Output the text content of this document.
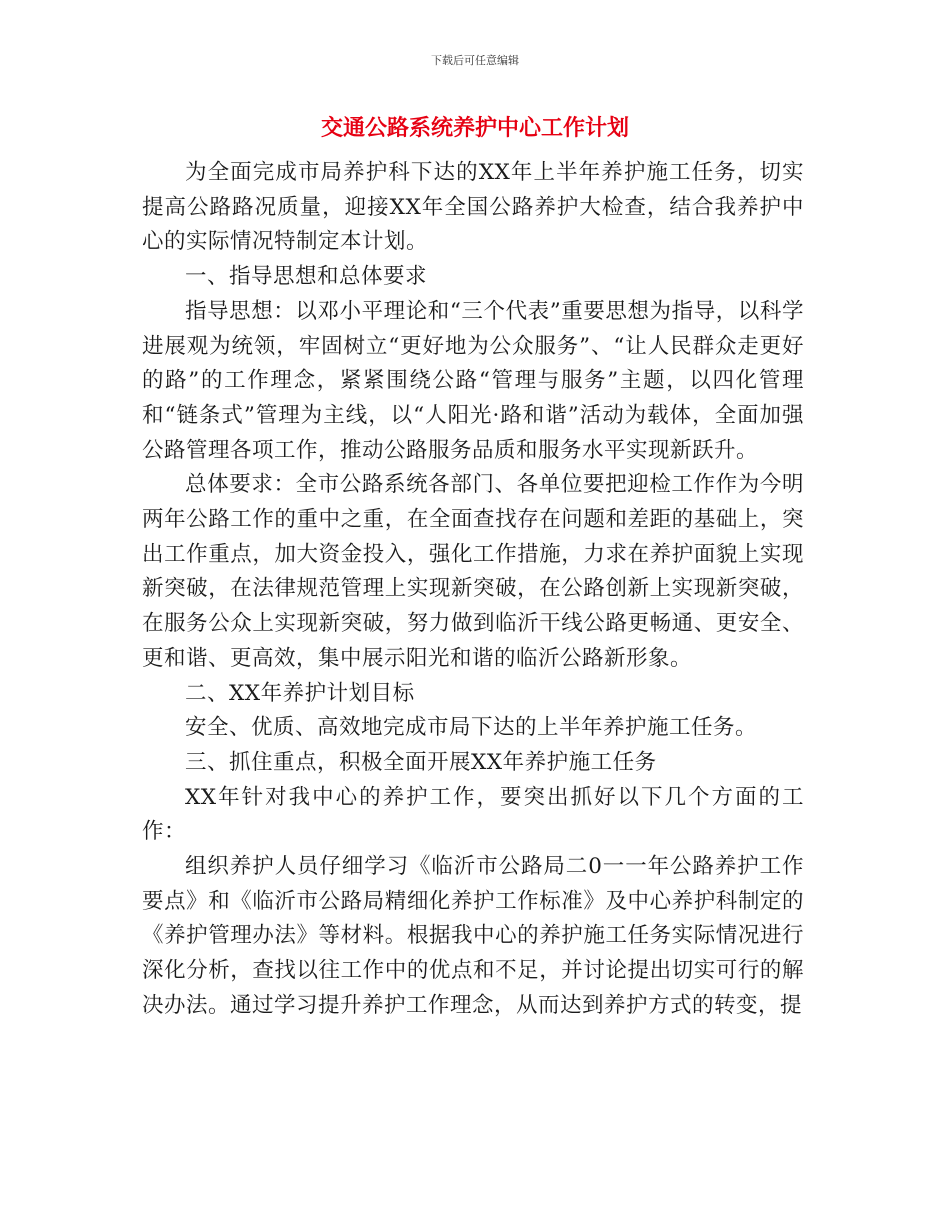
下载后可任意编辑
交通公路系统养护中心工作计划

为全面完成市局养护科下达的XX年上半年养护施工任务，切实提高公路路况质量，迎接XX年全国公路养护大检查，结合我养护中心的实际情况特制定本计划。

一、指导思想和总体要求

指导思想：以邓小平理论和“三个代表”重要思想为指导，以科学进展观为统领，牢固树立“更好地为公众服务”、“让人民群众走更好的路”的工作理念，紧紧围绕公路“管理与服务”主题，以四化管理和“链条式”管理为主线，以“人阳光·路和谐”活动为载体，全面加强公路管理各项工作，推动公路服务品质和服务水平实现新跃升。

总体要求：全市公路系统各部门、各单位要把迎检工作作为今明两年公路工作的重中之重，在全面查找存在问题和差距的基础上，突出工作重点，加大资金投入，强化工作措施，力求在养护面貌上实现新突破，在法律规范管理上实现新突破，在公路创新上实现新突破，在服务公众上实现新突破，努力做到临沂干线公路更畅通、更安全、更和谐、更高效，集中展示阳光和谐的临沂公路新形象。

二、XX年养护计划目标

安全、优质、高效地完成市局下达的上半年养护施工任务。

三、抓住重点，积极全面开展XX年养护施工任务

XX年针对我中心的养护工作，要突出抓好以下几个方面的工作：

组织养护人员仔细学习《临沂市公路局二0一一年公路养护工作要点》和《临沂市公路局精细化养护工作标准》及中心养护科制定的《养护管理办法》等材料。根据我中心的养护施工任务实际情况进行深化分析，查找以往工作中的优点和不足，并讨论提出切实可行的解决办法。通过学习提升养护工作理念，从而达到养护方式的转变，提
